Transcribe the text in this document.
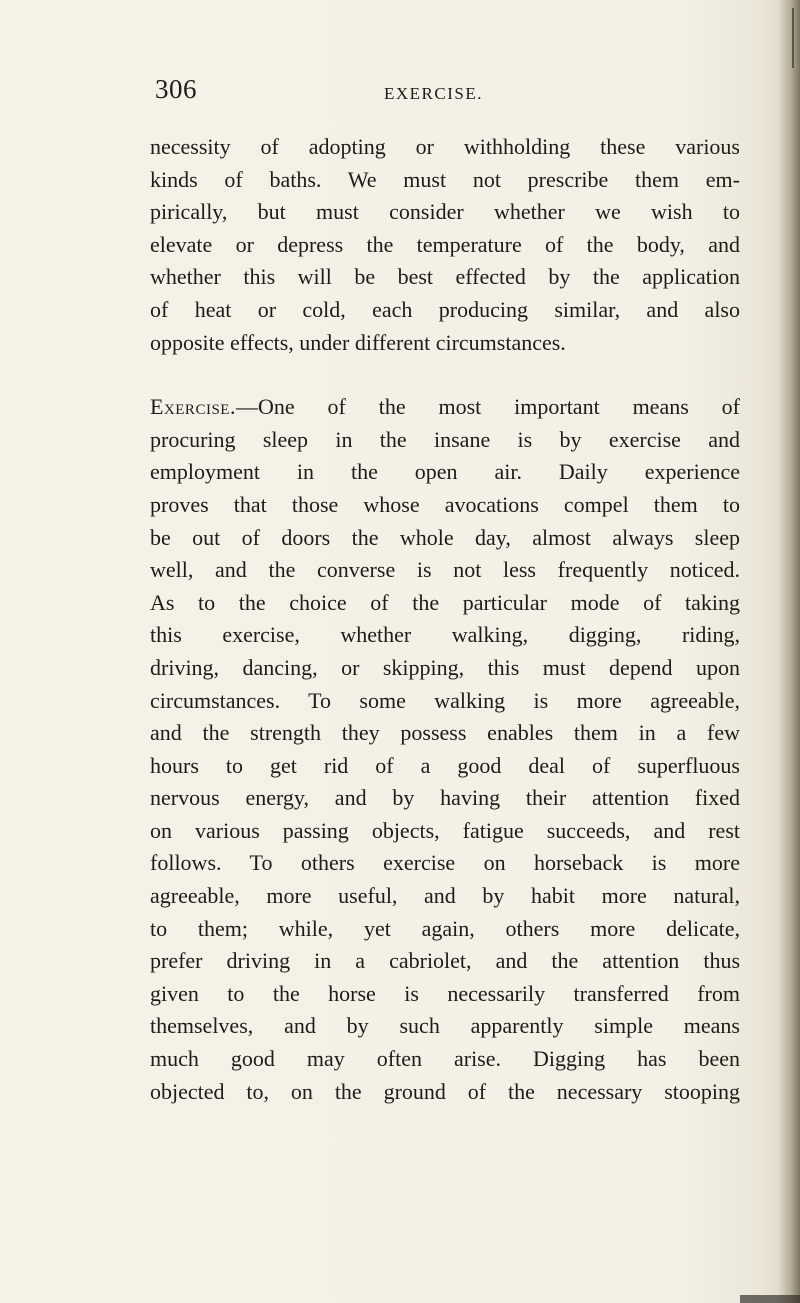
306	EXERCISE.
necessity of adopting or withholding these various
kinds of baths. We must not prescribe them em-
pirically, but must consider whether we wish to
elevate or depress the temperature of the body, and
whether this will be best effected by the application
of heat or cold, each producing similar, and also
opposite effects, under different circumstances.
Exercise.—One of the most important means of
procuring sleep in the insane is by exercise and
employment in the open air. Daily experience
proves that those whose avocations compel them to
be out of doors the whole day, almost always sleep
well, and the converse is not less frequently noticed.
As to the choice of the particular mode of taking
this exercise, whether walking, digging, riding,
driving, dancing, or skipping, this must depend upon
circumstances. To some walking is more agreeable,
and the strength they possess enables them in a few
hours to get rid of a good deal of superfluous
nervous energy, and by having their attention fixed
on various passing objects, fatigue succeeds, and rest
follows. To others exercise on horseback is more
agreeable, more useful, and by habit more natural,
to them; while, yet again, others more delicate,
prefer driving in a cabriolet, and the attention thus
given to the horse is necessarily transferred from
themselves, and by such apparently simple means
much good may often arise. Digging has been
objected to, on the ground of the necessary stooping
